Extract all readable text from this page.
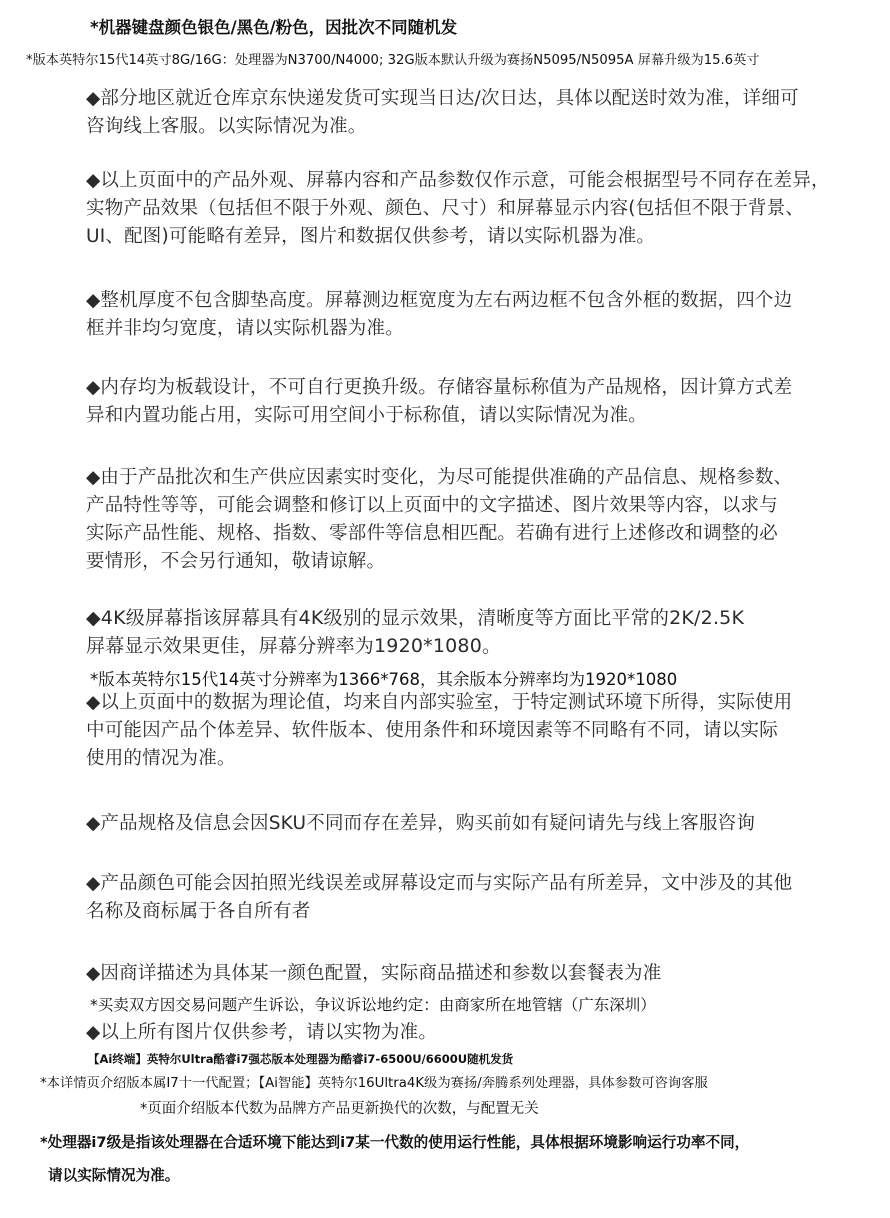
*机器键盘颜色银色/黑色/粉色，因批次不同随机发
*版本英特尔15代14英寸8G/16G：处理器为N3700/N4000; 32G版本默认升级为赛扬N5095/N5095A 屏幕升级为15.6英寸
◆部分地区就近仓库京东快递发货可实现当日达/次日达，具体以配送时效为准，详细可
咨询线上客服。以实际情况为准。
◆以上页面中的产品外观、屏幕内容和产品参数仅作示意，可能会根据型号不同存在差异，
实物产品效果（包括但不限于外观、颜色、尺寸）和屏幕显示内容(包括但不限于背景、
UI、配图)可能略有差异，图片和数据仅供参考，请以实际机器为准。
◆整机厚度不包含脚垫高度。屏幕测边框宽度为左右两边框不包含外框的数据，四个边
框并非均匀宽度，请以实际机器为准。
◆内存均为板载设计，不可自行更换升级。存储容量标称值为产品规格，因计算方式差
异和内置功能占用，实际可用空间小于标称值，请以实际情况为准。
◆由于产品批次和生产供应因素实时变化，为尽可能提供准确的产品信息、规格参数、
产品特性等等，可能会调整和修订以上页面中的文字描述、图片效果等内容，以求与
实际产品性能、规格、指数、零部件等信息相匹配。若确有进行上述修改和调整的必
要情形，不会另行通知，敬请谅解。
◆4K级屏幕指该屏幕具有4K级别的显示效果，清晰度等方面比平常的2K/2.5K
屏幕显示效果更佳，屏幕分辨率为1920*1080。
*版本英特尔15代14英寸分辨率为1366*768，其余版本分辨率均为1920*1080
◆以上页面中的数据为理论值，均来自内部实验室，于特定测试环境下所得，实际使用
中可能因产品个体差异、软件版本、使用条件和环境因素等不同略有不同，请以实际
使用的情况为准。
◆产品规格及信息会因SKU不同而存在差异，购买前如有疑问请先与线上客服咨询
◆产品颜色可能会因拍照光线误差或屏幕设定而与实际产品有所差异，文中涉及的其他
名称及商标属于各自所有者
◆因商详描述为具体某一颜色配置，实际商品描述和参数以套餐表为准
*买卖双方因交易问题产生诉讼，争议诉讼地约定：由商家所在地管辖（广东深圳）
◆以上所有图片仅供参考，请以实物为准。
【Ai终端】英特尔Ultra酷睿i7强芯版本处理器为酷睿i7-6500U/6600U随机发货
*本详情页介绍版本属I7十一代配置；【Ai智能】英特尔16Ultra4K级为赛扬/奔腾系列处理器，具体参数可咨询客服
*页面介绍版本代数为品牌方产品更新换代的次数，与配置无关
*处理器i7级是指该处理器在合适环境下能达到i7某一代数的使用运行性能，具体根据环境影响运行功率不同，
请以实际情况为准。
